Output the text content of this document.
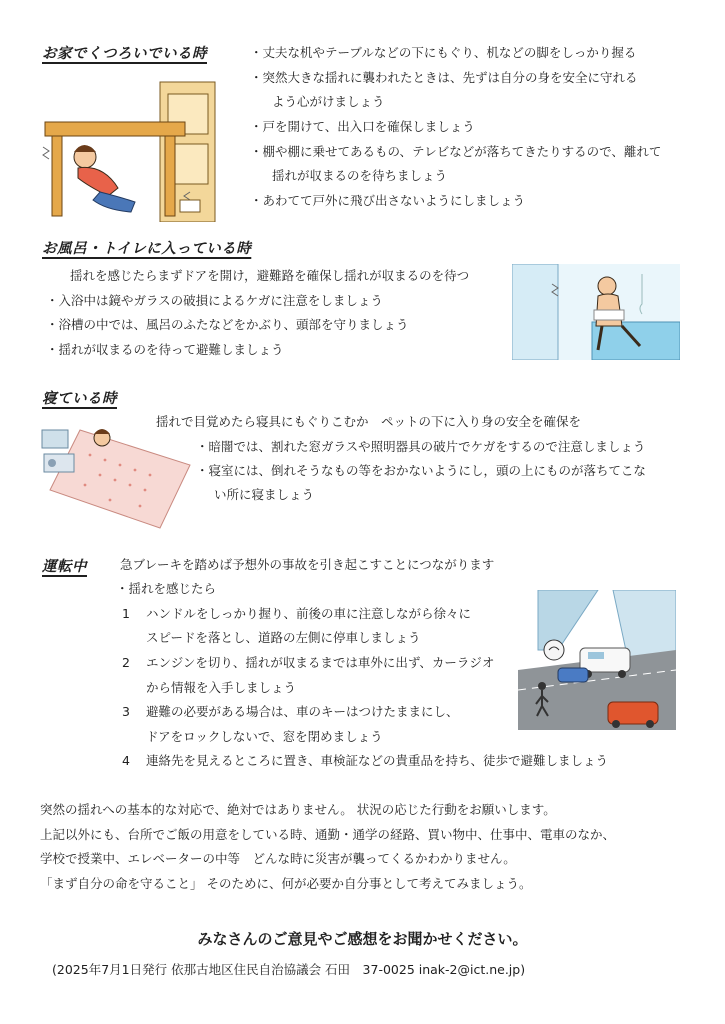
お家でくつろいでいる時	・丈夫な机やテーブルなどの下にもぐり、机などの脚をしっかり握る
・突然大きな揺れに襲われたときは、先ずは自分の身を安全に守れる
よう心がけましょう
・戸を開けて、出入口を確保しましょう
・棚や棚に乗せてあるもの、テレビなどが落ちてきたりするので、離れて
揺れが収まるのを待ちましょう
・あわてて戸外に飛び出さないようにしましょう
お風呂・トイレに入っている時
揺れを感じたらまずドアを開け，避難路を確保し揺れが収まるのを待つ
・入浴中は鏡やガラスの破損によるケガに注意をしましょう
・浴槽の中では、風呂のふたなどをかぶり、頭部を守りましょう
・揺れが収まるのを待って避難しましょう
寝ている時
揺れで目覚めたら寝具にもぐりこむか　ペットの下に入り身の安全を確保を
・暗闇では、割れた窓ガラスや照明器具の破片でケガをするので注意しましょう
・寝室には、倒れそうなもの等をおかないようにし，頭の上にものが落ちてこな
い所に寝ましょう
運転中	急ブレーキを踏めば予想外の事故を引き起こすことにつながります
・揺れを感じたら
1 ハンドルをしっかり握り、前後の車に注意しながら徐々に
スピードを落とし、道路の左側に停車しましょう
2 エンジンを切り、揺れが収まるまでは車外に出ず、カーラジオ
から情報を入手しましょう
3 避難の必要がある場合は、車のキーはつけたままにし、
ドアをロックしないで、窓を閉めましょう
4 連絡先を見えるところに置き、車検証などの貴重品を持ち、徒歩で避難しましょう
突然の揺れへの基本的な対応で、絶対ではありません。 状況の応じた行動をお願いします。
上記以外にも、台所でご飯の用意をしている時、通勤・通学の経路、買い物中、仕事中、電車のなか、
学校で授業中、エレベーターの中等　どんな時に災害が襲ってくるかわかりません。
「まず自分の命を守ること」 そのために、何が必要か自分事として考えてみましょう。
みなさんのご意見やご感想をお聞かせください。
(2025年7月1日発行 依那古地区住民自治協議会 石田　37-0025 inak-2@ict.ne.jp)
